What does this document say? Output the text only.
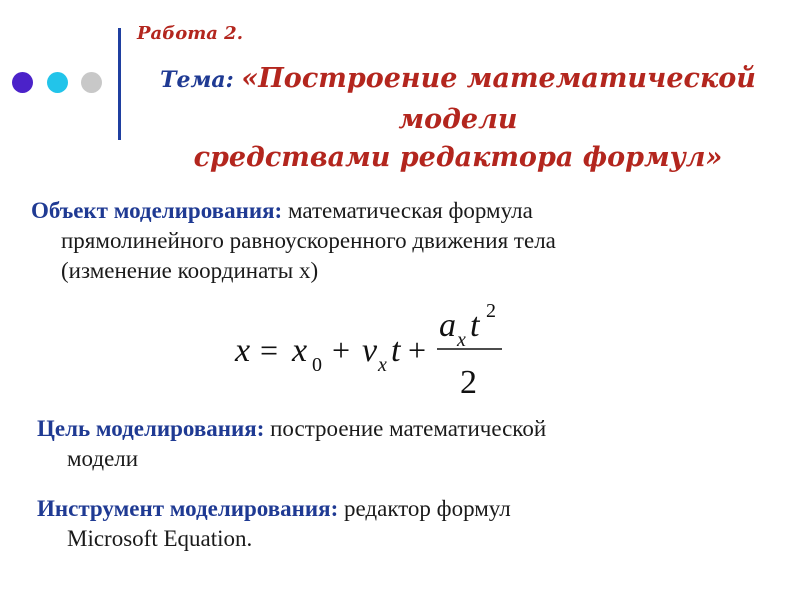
Работа 2.
Тема: «Построение математической
модели
средствами редактора формул»
Объект моделирования: математическая формула
прямолинейного равноускоренного движения тела
(изменение координаты x)
x = x 0 + v x t +
a x t 2
2
Цель моделирования: построение математической
модели
Инструмент моделирования: редактор формул
Microsoft Equation.
